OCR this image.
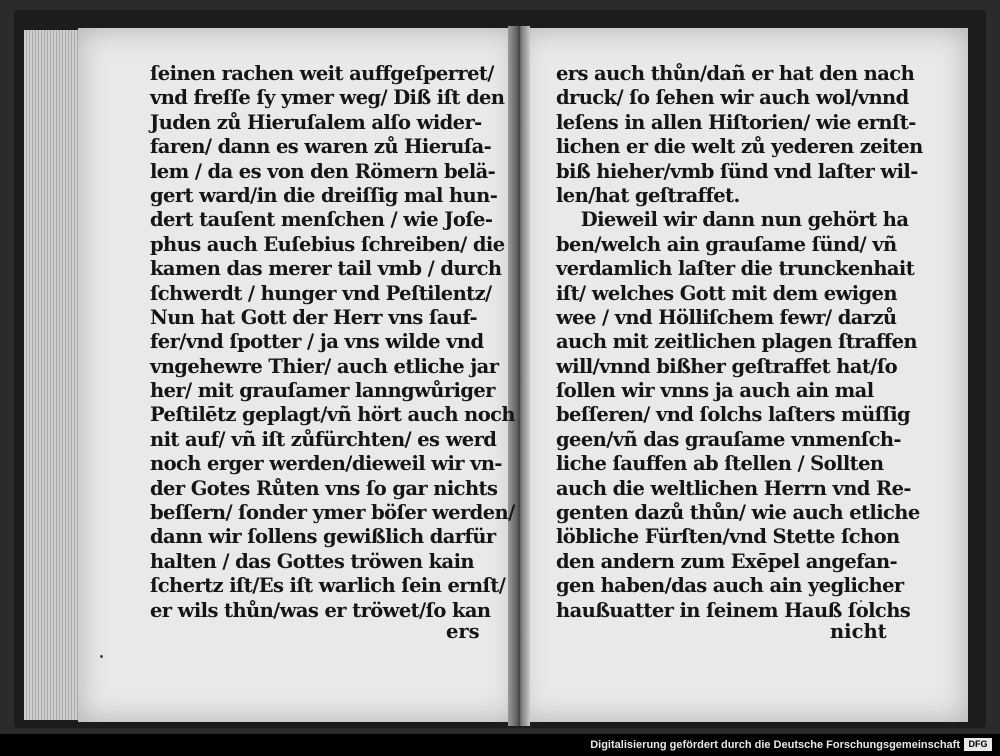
ſeinen rachen weit auffgeſperret/
vnd freſſe ſy ymer weg/ Diß iſt den
Juden zů Hieruſalem alſo wider-
faren/ dann es waren zů Hieruſa-
lem / da es von den Römern belä-
gert ward/in die dreiſſig mal hun-
dert tauſent menſchen / wie Joſe-
phus auch Euſebius ſchreiben/ die
kamen das merer tail vmb / durch
ſchwerdt / hunger vnd Peſtilentz/
Nun hat Gott der Herr vns ſauf-
fer/vnd ſpotter / ja vns wilde vnd
vngehewre Thier/ auch etliche jar
her/ mit grauſamer lanngwůriger
Peſtilētz geplagt/vñ hört auch noch
nit auf/ vñ iſt zůfürchten/ es werd
noch erger werden/dieweil wir vn-
der Gotes Růten vns ſo gar nichts
beſſern/ ſonder ymer böſer werden/
dann wir ſollens gewißlich darfür
halten / das Gottes tröwen kain
ſchertz iſt/Es iſt warlich ſein ernſt/
er wils thůn/was er tröwet/ſo kan
ers
ers auch thůn/dañ er hat den nach
druck/ ſo ſehen wir auch wol/vnnd
leſens in allen Hiſtorien/ wie ernſt-
lichen er die welt zů yederen zeiten
biß hieher/vmb ſünd vnd laſter wil-
len/hat geſtraffet.
Dieweil wir dann nun gehört ha
ben/welch ain grauſame ſünd/ vñ
verdamlich laſter die trunckenhait
iſt/ welches Gott mit dem ewigen
wee / vnd Hölliſchem fewr/ darzů
auch mit zeitlichen plagen ſtraffen
will/vnnd bißher geſtraffet hat/ſo
ſollen wir vnns ja auch ain mal
beſſeren/ vnd ſolchs laſters müſſig
geen/vñ das grauſame vnmenſch-
liche ſauffen ab ſtellen / Sollten
auch die weltlichen Herrn vnd Re-
genten dazů thůn/ wie auch etliche
löbliche Fürſten/vnd Stette ſchon
den andern zum Exēpel angefan-
gen haben/das auch ain yeglicher
haußuatter in ſeinem Hauß ſolchs
nicht
Digitalisierung gefördert durch die Deutsche Forschungsgemeinschaft DFG
